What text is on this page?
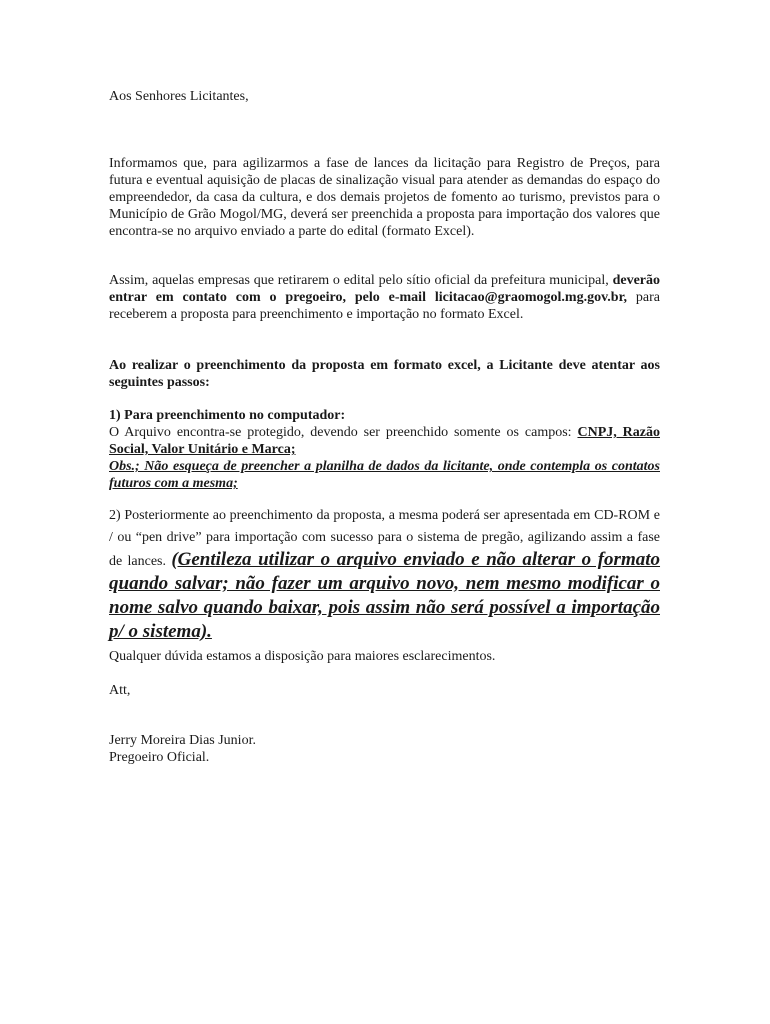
Aos Senhores Licitantes,
Informamos que, para agilizarmos a fase de lances da licitação para Registro de Preços, para futura e eventual aquisição de placas de sinalização visual para atender as demandas do espaço do empreendedor, da casa da cultura, e dos demais projetos de fomento ao turismo, previstos para o Município de Grão Mogol/MG, deverá ser preenchida a proposta para importação dos valores que encontra-se no arquivo enviado a parte do edital (formato Excel).
Assim, aquelas empresas que retirarem o edital pelo sítio oficial da prefeitura municipal, deverão entrar em contato com o pregoeiro, pelo e-mail licitacao@graomogol.mg.gov.br, para receberem a proposta para preenchimento e importação no formato Excel.
Ao realizar o preenchimento da proposta em formato excel, a Licitante deve atentar aos seguintes passos:
1) Para preenchimento no computador:
O Arquivo encontra-se protegido, devendo ser preenchido somente os campos: CNPJ, Razão Social, Valor Unitário e Marca;
Obs.; Não esqueça de preencher a planilha de dados da licitante, onde contempla os contatos futuros com a mesma;
2) Posteriormente ao preenchimento da proposta, a mesma poderá ser apresentada em CD-ROM e / ou “pen drive” para importação com sucesso para o sistema de pregão, agilizando assim a fase de lances. (Gentileza utilizar o arquivo enviado e não alterar o formato quando salvar; não fazer um arquivo novo, nem mesmo modificar o nome salvo quando baixar, pois assim não será possível a importação p/ o sistema).
Qualquer dúvida estamos a disposição para maiores esclarecimentos.
Att,
Jerry Moreira Dias Junior.
Pregoeiro Oficial.
